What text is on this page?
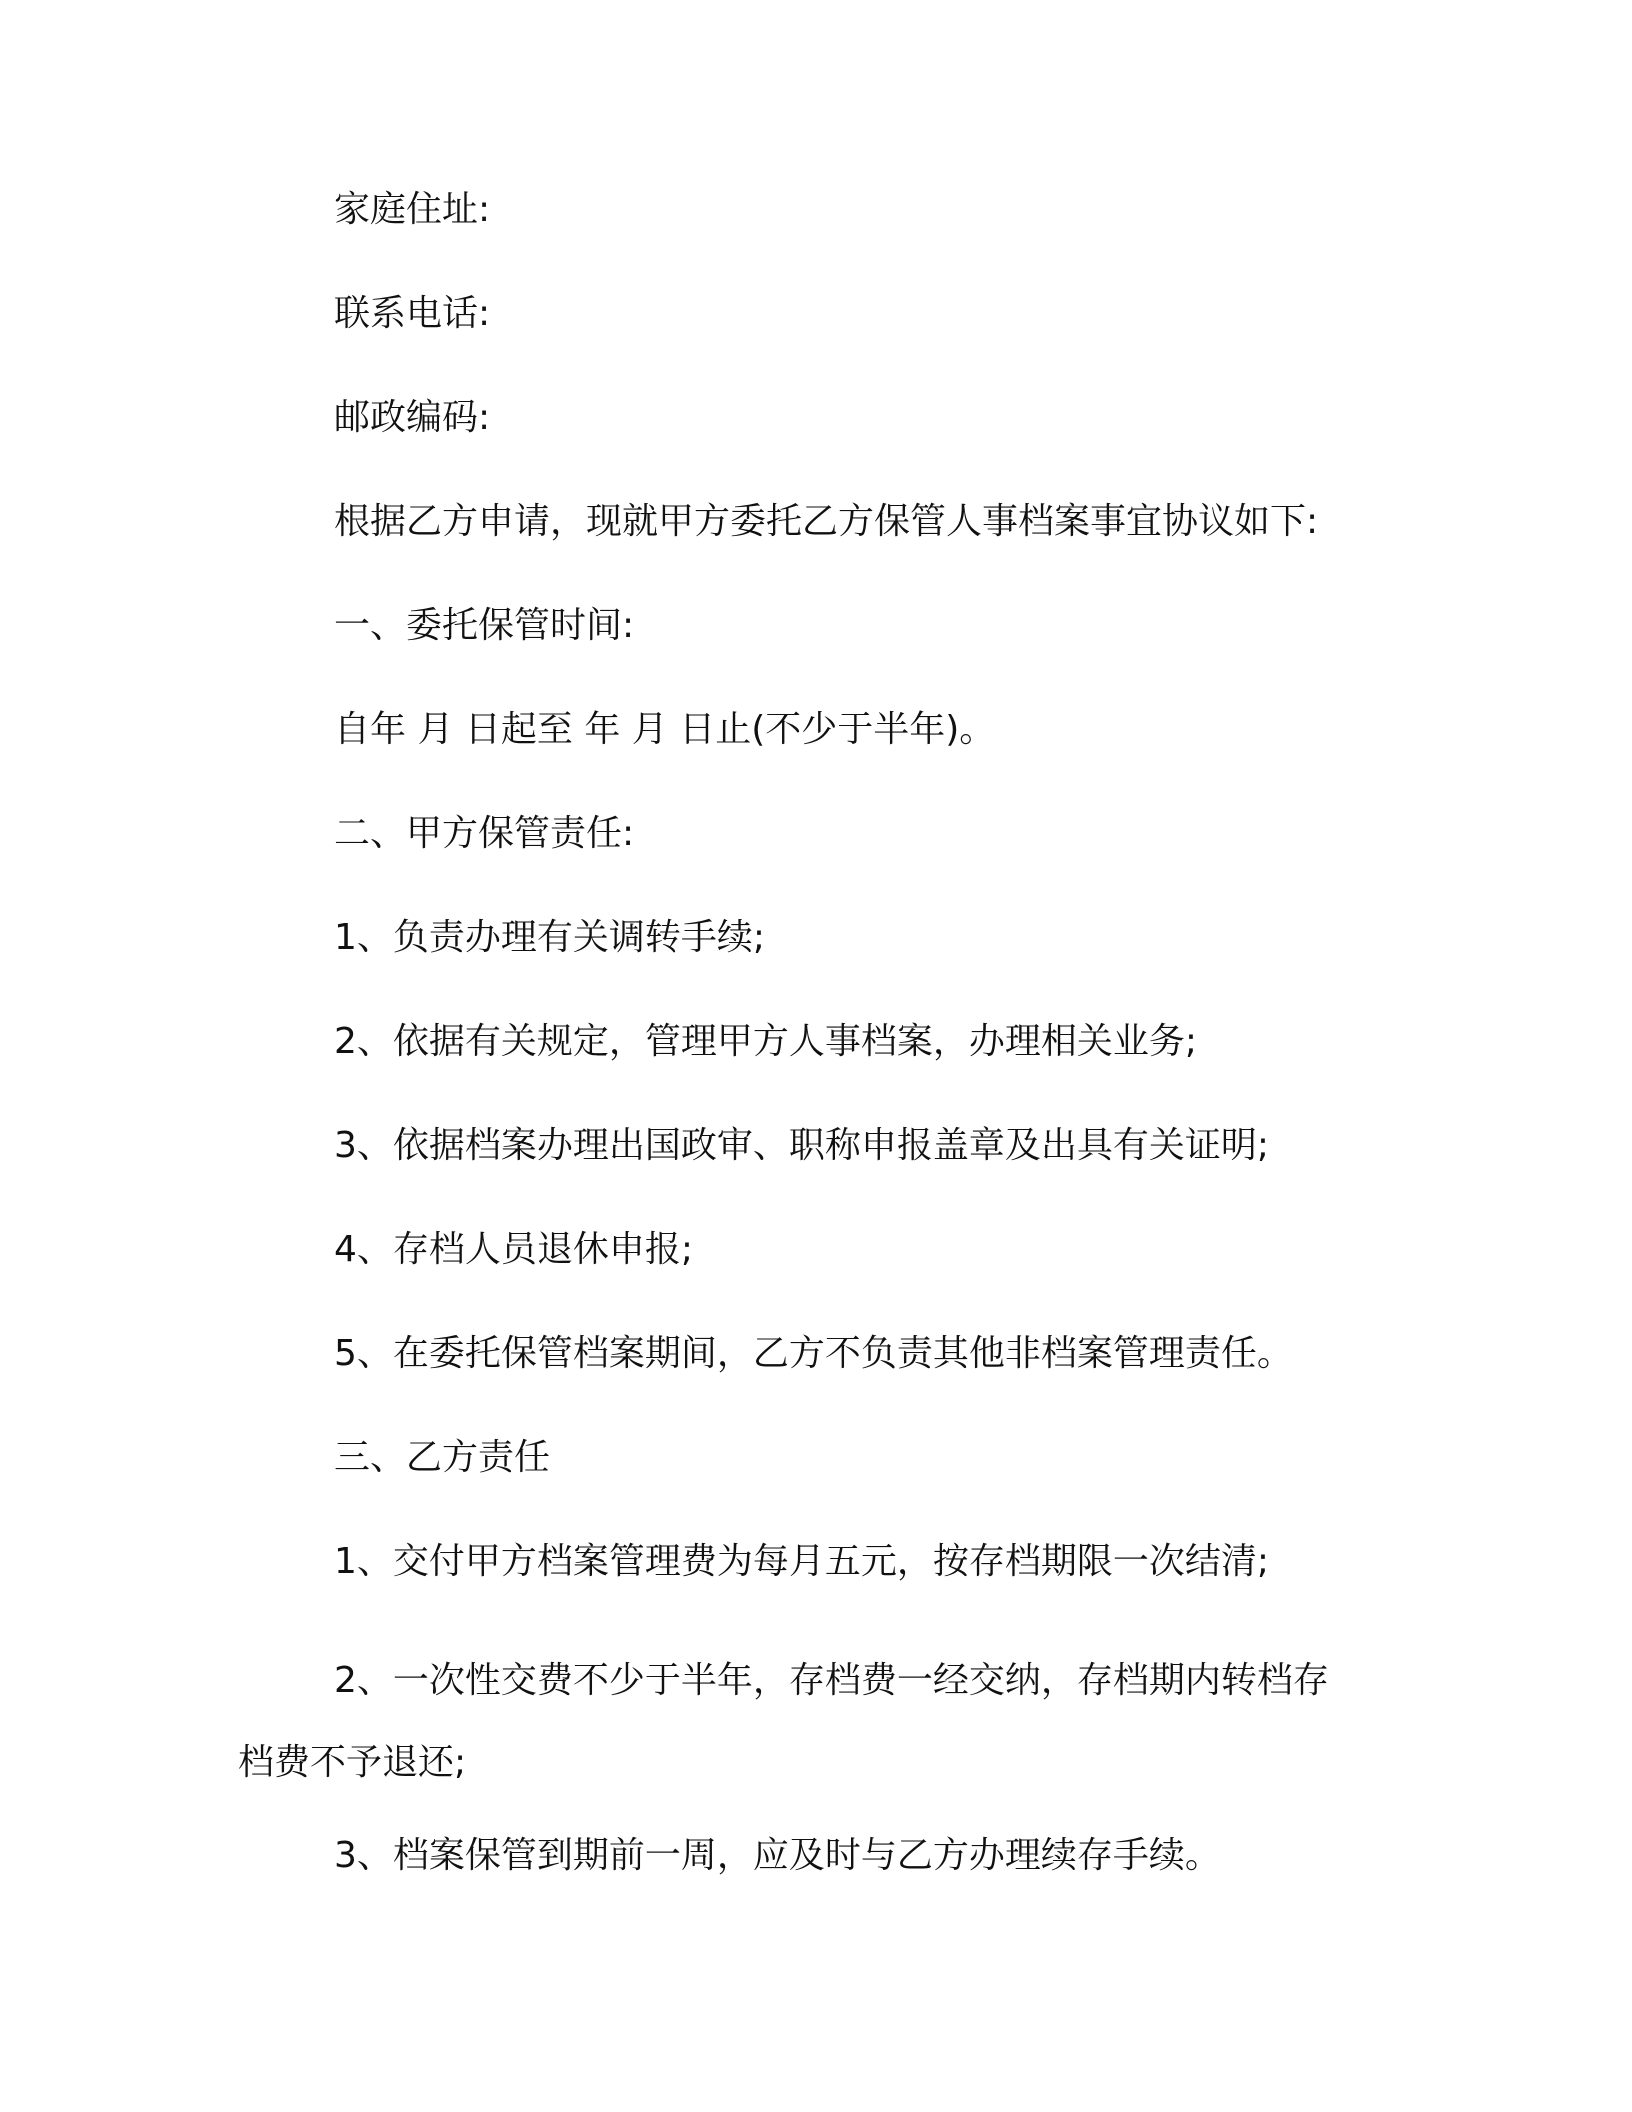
家庭住址:

联系电话:

邮政编码:

根据乙方申请，现就甲方委托乙方保管人事档案事宜协议如下:

一、委托保管时间:

自年 月 日起至 年 月 日止(不少于半年)。

二、甲方保管责任:

1、负责办理有关调转手续;

2、依据有关规定，管理甲方人事档案，办理相关业务;

3、依据档案办理出国政审、职称申报盖章及出具有关证明;

4、存档人员退休申报;

5、在委托保管档案期间，乙方不负责其他非档案管理责任。

三、乙方责任

1、交付甲方档案管理费为每月五元，按存档期限一次结清;

2、一次性交费不少于半年，存档费一经交纳，存档期内转档存档费不予退还;

3、档案保管到期前一周，应及时与乙方办理续存手续。
